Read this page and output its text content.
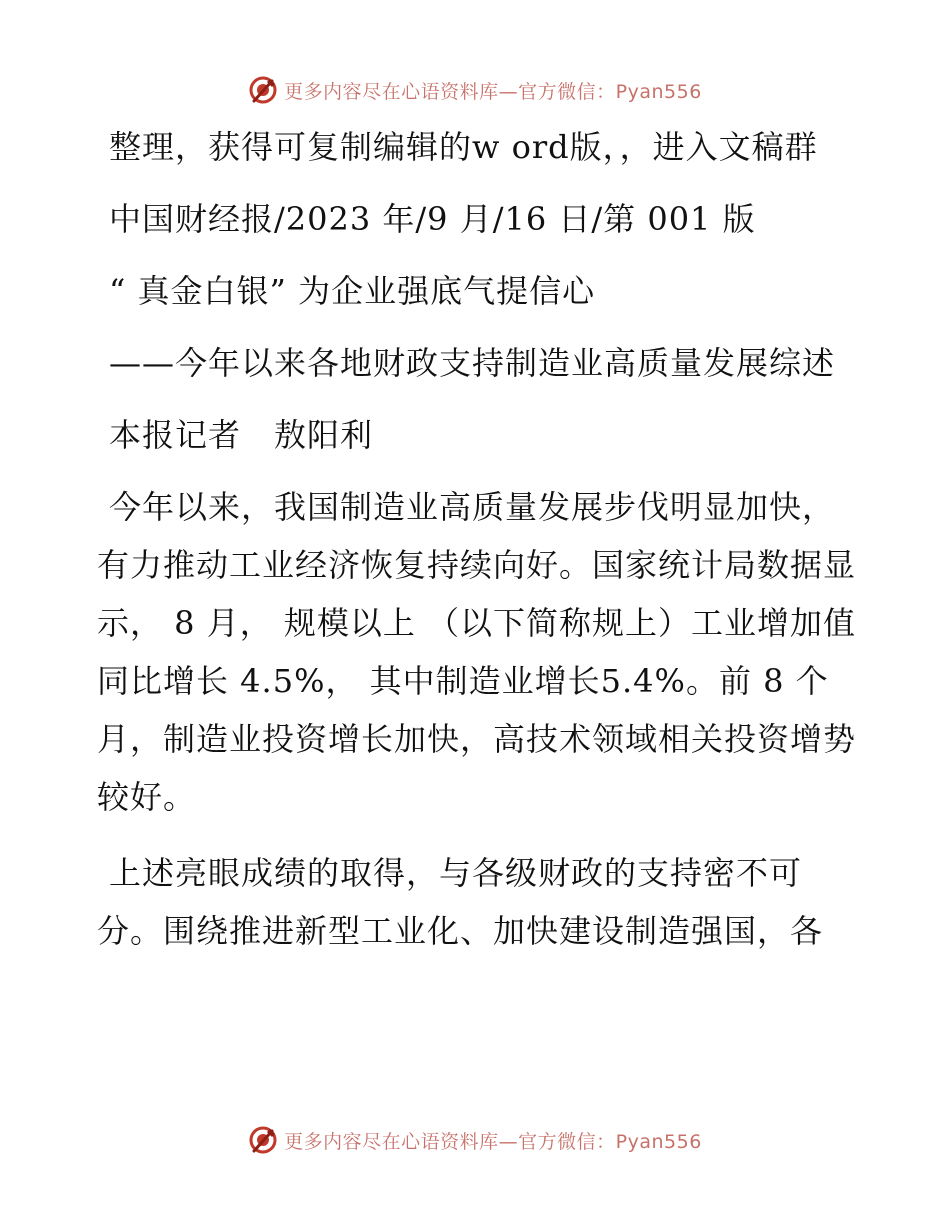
更多内容尽在心语资料库—官方微信：Pyan556

整理，获得可复制编辑的w ord版，，进入文稿群

中国财经报/2023 年/9 月/16 日/第 001 版

“ 真金白银” 为企业强底气提信心

——今年以来各地财政支持制造业高质量发展综述

本报记者　敖阳利

今年以来，我国制造业高质量发展步伐明显加快，有力推动工业经济恢复持续向好。国家统计局数据显示， 8 月， 规模以上 （以下简称规上）工业增加值同比增长 4.5%， 其中制造业增长5.4%。前 8 个月，制造业投资增长加快，高技术领域相关投资增势较好。

上述亮眼成绩的取得，与各级财政的支持密不可分。围绕推进新型工业化、加快建设制造强国，各

更多内容尽在心语资料库—官方微信：Pyan556
